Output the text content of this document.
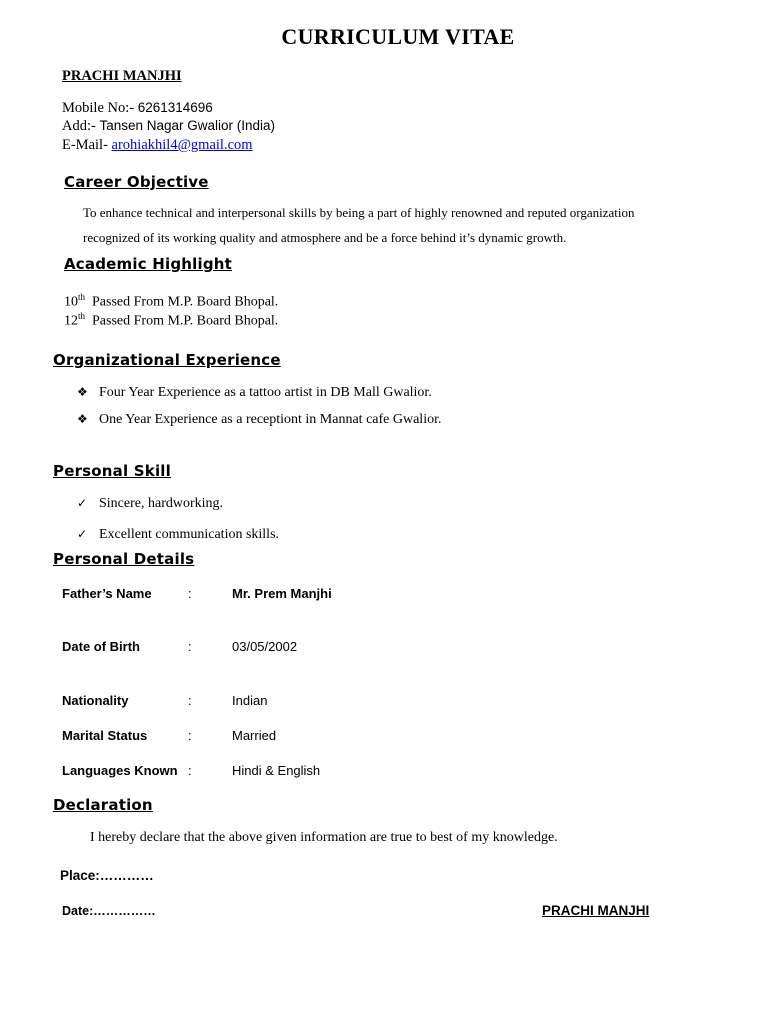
CURRICULUM VITAE
PRACHI MANJHI
Mobile No:- 6261314696
Add:- Tansen Nagar Gwalior (India)
E-Mail- arohiakhil4@gmail.com
Career Objective
To enhance technical and interpersonal skills by being a part of highly renowned and reputed organization
recognized of its working quality and atmosphere and be a force behind it’s dynamic growth.
Academic Highlight
10th  Passed From M.P. Board Bhopal.
12th  Passed From M.P. Board Bhopal.
Organizational Experience
❖ Four Year Experience as a tattoo artist in DB Mall Gwalior.
❖ One Year Experience as a receptiont in Mannat cafe Gwalior.
Personal Skill
✓ Sincere, hardworking.
✓ Excellent communication skills.
Personal Details
Father’s Name	:	Mr. Prem Manjhi
Date of Birth	:	03/05/2002
Nationality	:	Indian
Marital Status	:	Married
Languages Known :	Hindi & English
Declaration
I hereby declare that the above given information are true to best of my knowledge.
Place:…………
Date:……………	PRACHI MANJHI
